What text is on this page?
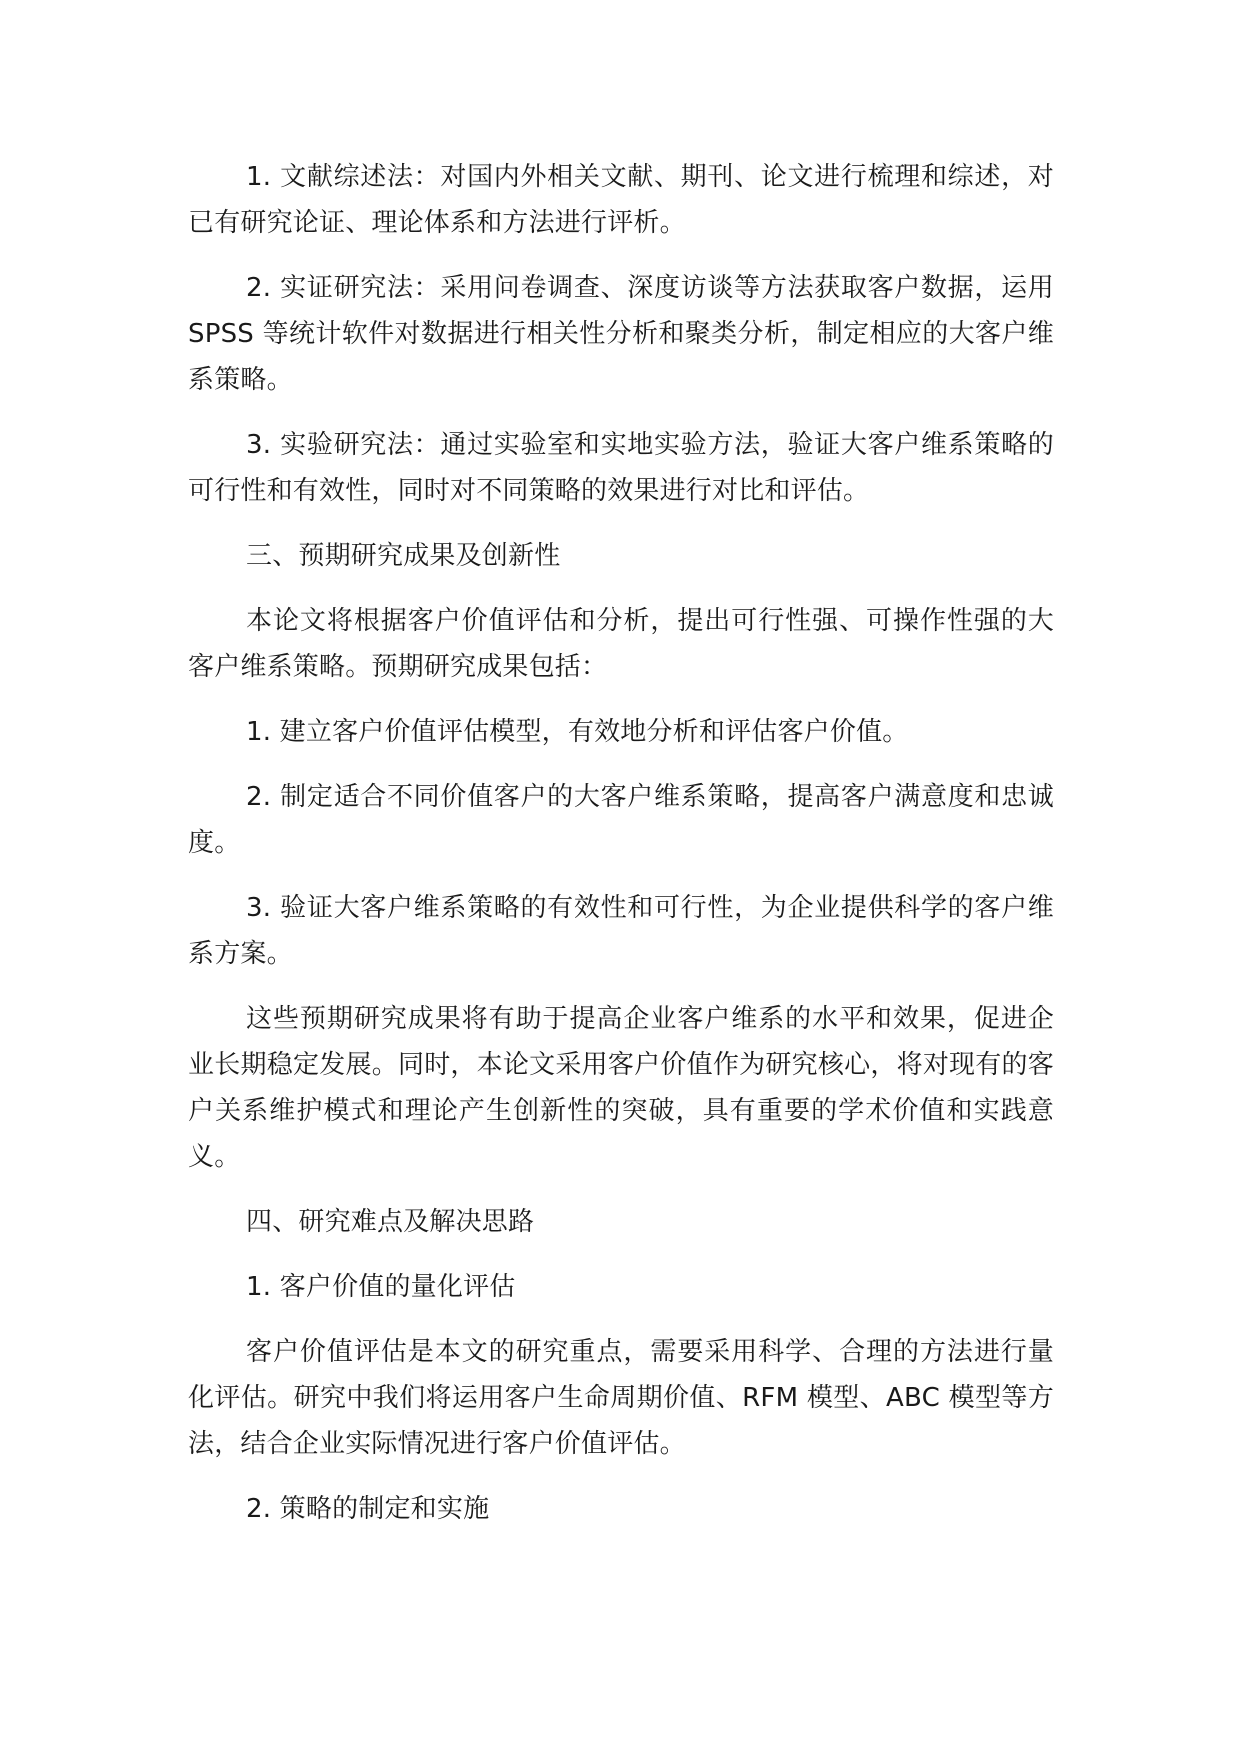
1. 文献综述法：对国内外相关文献、期刊、论文进行梳理和综述，对已有研究论证、理论体系和方法进行评析。

2. 实证研究法：采用问卷调查、深度访谈等方法获取客户数据，运用 SPSS 等统计软件对数据进行相关性分析和聚类分析，制定相应的大客户维系策略。

3. 实验研究法：通过实验室和实地实验方法，验证大客户维系策略的可行性和有效性，同时对不同策略的效果进行对比和评估。

三、预期研究成果及创新性

本论文将根据客户价值评估和分析，提出可行性强、可操作性强的大客户维系策略。预期研究成果包括：

1. 建立客户价值评估模型，有效地分析和评估客户价值。

2. 制定适合不同价值客户的大客户维系策略，提高客户满意度和忠诚度。

3. 验证大客户维系策略的有效性和可行性，为企业提供科学的客户维系方案。

这些预期研究成果将有助于提高企业客户维系的水平和效果，促进企业长期稳定发展。同时，本论文采用客户价值作为研究核心，将对现有的客户关系维护模式和理论产生创新性的突破，具有重要的学术价值和实践意义。

四、研究难点及解决思路

1. 客户价值的量化评估

客户价值评估是本文的研究重点，需要采用科学、合理的方法进行量化评估。研究中我们将运用客户生命周期价值、RFM 模型、ABC 模型等方法，结合企业实际情况进行客户价值评估。

2. 策略的制定和实施
